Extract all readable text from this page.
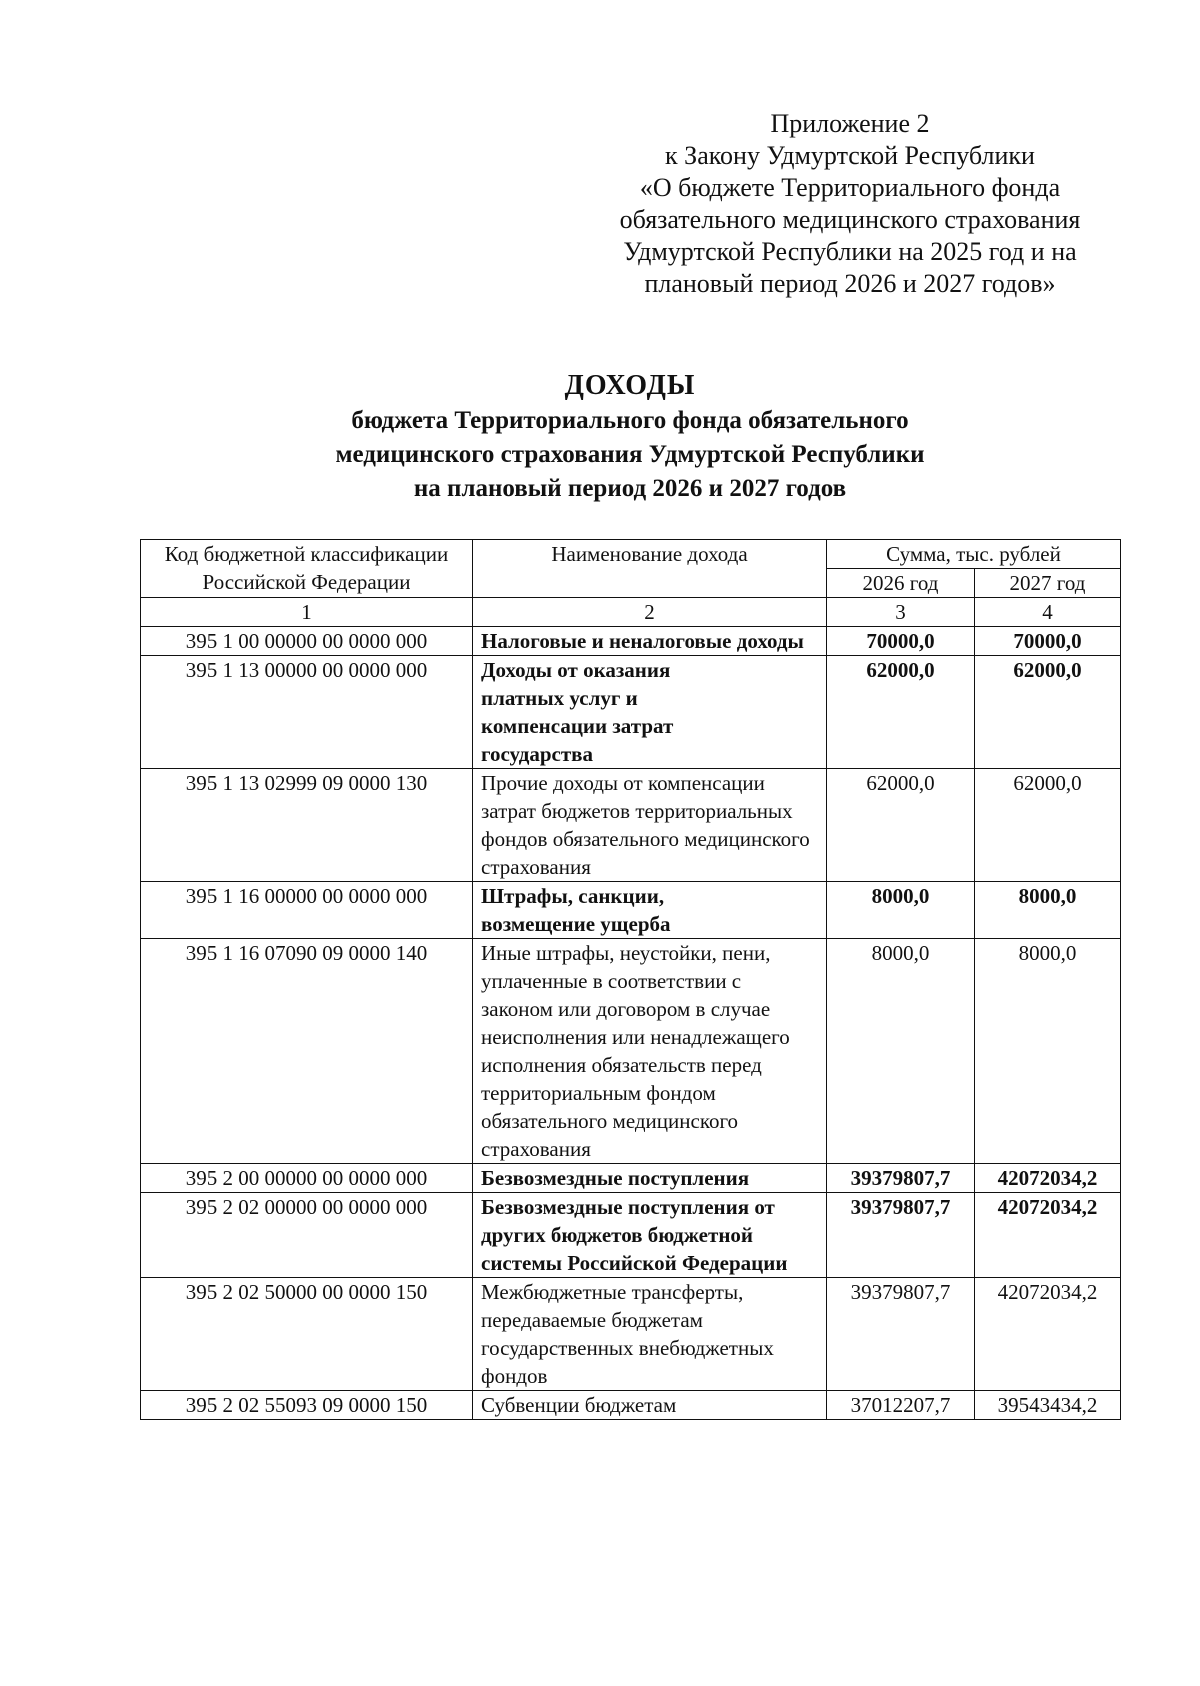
Приложение 2
к Закону Удмуртской Республики
«О бюджете Территориального фонда
обязательного медицинского страхования
Удмуртской Республики на 2025 год и на
плановый период 2026 и 2027 годов»
ДОХОДЫ
бюджета Территориального фонда обязательного
медицинского страхования Удмуртской Республики
на плановый период 2026 и 2027 годов
Код бюджетной классификации Российской Федерации	Наименование дохода	Сумма, тыс. рублей	
		2026 год	2027 год
1	2	3	4
395 1 00 00000 00 0000 000	Налоговые и неналоговые доходы	70000,0	70000,0
395 1 13 00000 00 0000 000	Доходы от оказания платных услуг и компенсации затрат государства	62000,0	62000,0
395 1 13 02999 09 0000 130	Прочие доходы от компенсации затрат бюджетов территориальных фондов обязательного медицинского страхования	62000,0	62000,0
395 1 16 00000 00 0000 000	Штрафы, санкции, возмещение ущерба	8000,0	8000,0
395 1 16 07090 09 0000 140	Иные штрафы, неустойки, пени, уплаченные в соответствии с законом или договором в случае неисполнения или ненадлежащего исполнения обязательств перед территориальным фондом обязательного медицинского страхования	8000,0	8000,0
395 2 00 00000 00 0000 000	Безвозмездные поступления	39379807,7	42072034,2
395 2 02 00000 00 0000 000	Безвозмездные поступления от других бюджетов бюджетной системы Российской Федерации	39379807,7	42072034,2
395 2 02 50000 00 0000 150	Межбюджетные трансферты, передаваемые бюджетам государственных внебюджетных фондов	39379807,7	42072034,2
395 2 02 55093 09 0000 150	Субвенции бюджетам	37012207,7	39543434,2
